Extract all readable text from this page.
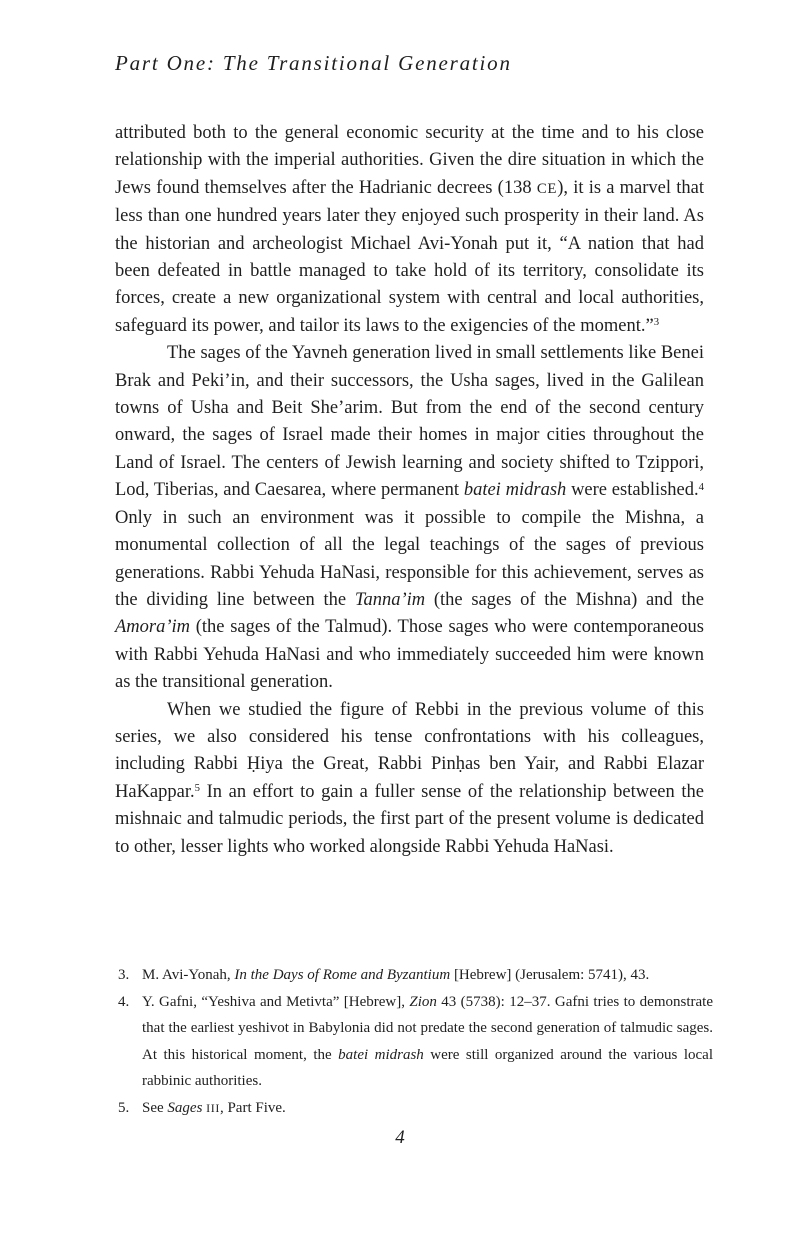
Part One: The Transitional Generation

attributed both to the general economic security at the time and to his close relationship with the imperial authorities. Given the dire situation in which the Jews found themselves after the Hadrianic decrees (138 CE), it is a marvel that less than one hundred years later they enjoyed such prosperity in their land. As the historian and archeologist Michael Avi-Yonah put it, “A nation that had been defeated in battle managed to take hold of its territory, consolidate its forces, create a new organizational system with central and local authorities, safeguard its power, and tailor its laws to the exigencies of the moment.”$^3$

The sages of the Yavneh generation lived in small settlements like Benei Brak and Peki’in, and their successors, the Usha sages, lived in the Galilean towns of Usha and Beit She’arim. But from the end of the second century onward, the sages of Israel made their homes in major cities throughout the Land of Israel. The centers of Jewish learning and society shifted to Tzippori, Lod, Tiberias, and Caesarea, where permanent batei midrash were established.$^4$ Only in such an environment was it possible to compile the Mishna, a monumental collection of all the legal teachings of the sages of previous generations. Rabbi Yehuda HaNasi, responsible for this achievement, serves as the dividing line between the Tanna’im (the sages of the Mishna) and the Amora’im (the sages of the Talmud). Those sages who were contemporaneous with Rabbi Yehuda HaNasi and who immediately succeeded him were known as the transitional generation.

When we studied the figure of Rebbi in the previous volume of this series, we also considered his tense confrontations with his colleagues, including Rabbi Ḥiya the Great, Rabbi Pinḥas ben Yair, and Rabbi Elazar HaKappar.$^5$ In an effort to gain a fuller sense of the relationship between the mishnaic and talmudic periods, the first part of the present volume is dedicated to other, lesser lights who worked alongside Rabbi Yehuda HaNasi.

3. M. Avi-Yonah, In the Days of Rome and Byzantium [Hebrew] (Jerusalem: 5741), 43.
4. Y. Gafni, “Yeshiva and Metivta” [Hebrew], Zion 43 (5738): 12–37. Gafni tries to demonstrate that the earliest yeshivot in Babylonia did not predate the second generation of talmudic sages. At this historical moment, the batei midrash were still organized around the various local rabbinic authorities.
5. See Sages III, Part Five.
4
